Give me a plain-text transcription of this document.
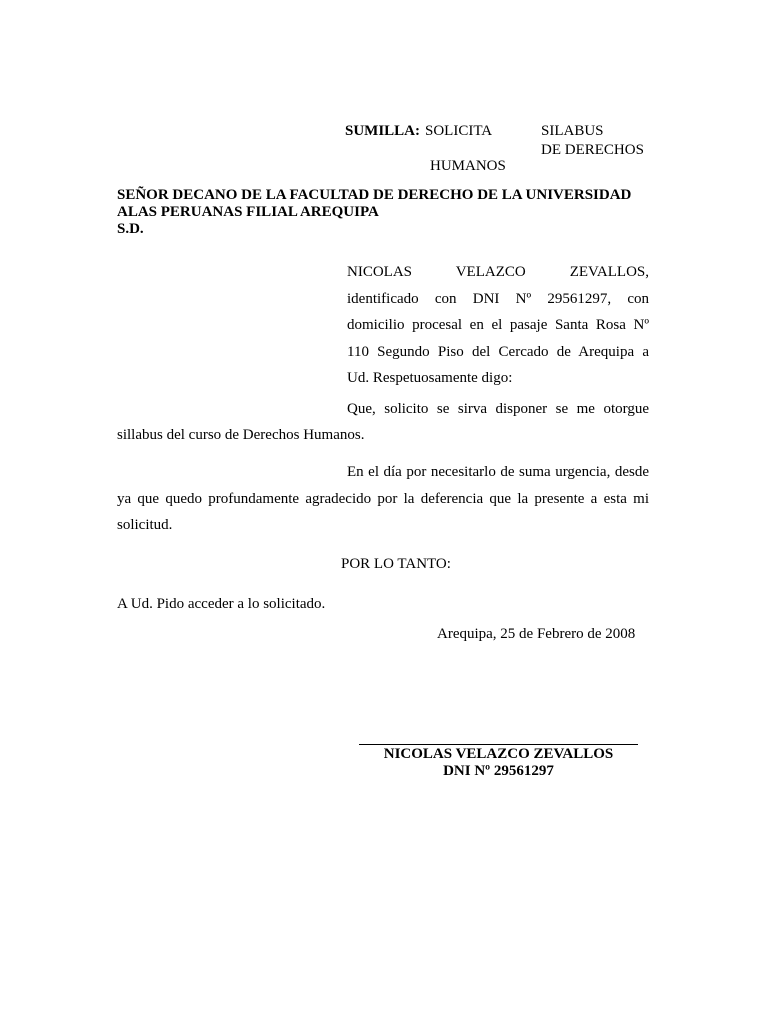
SUMILLA: SOLICITA	SILABUS
DE DERECHOS
HUMANOS
SEÑOR DECANO DE LA FACULTAD DE DERECHO DE LA UNIVERSIDAD
ALAS PERUANAS FILIAL AREQUIPA
S.D.
NICOLAS VELAZCO ZEVALLOS,
identificado con DNI Nº 29561297, con
domicilio procesal en el pasaje Santa Rosa Nº
110 Segundo Piso del Cercado de Arequipa a
Ud. Respetuosamente digo:
Que, solicito se sirva disponer se me otorgue
sillabus del curso de Derechos Humanos.
En el día por necesitarlo de suma urgencia, desde
ya que quedo profundamente agradecido por la deferencia que la presente a esta mi
solicitud.
POR LO TANTO:
A Ud. Pido acceder a lo solicitado.
Arequipa, 25 de Febrero de 2008
NICOLAS VELAZCO ZEVALLOS
DNI Nº 29561297
